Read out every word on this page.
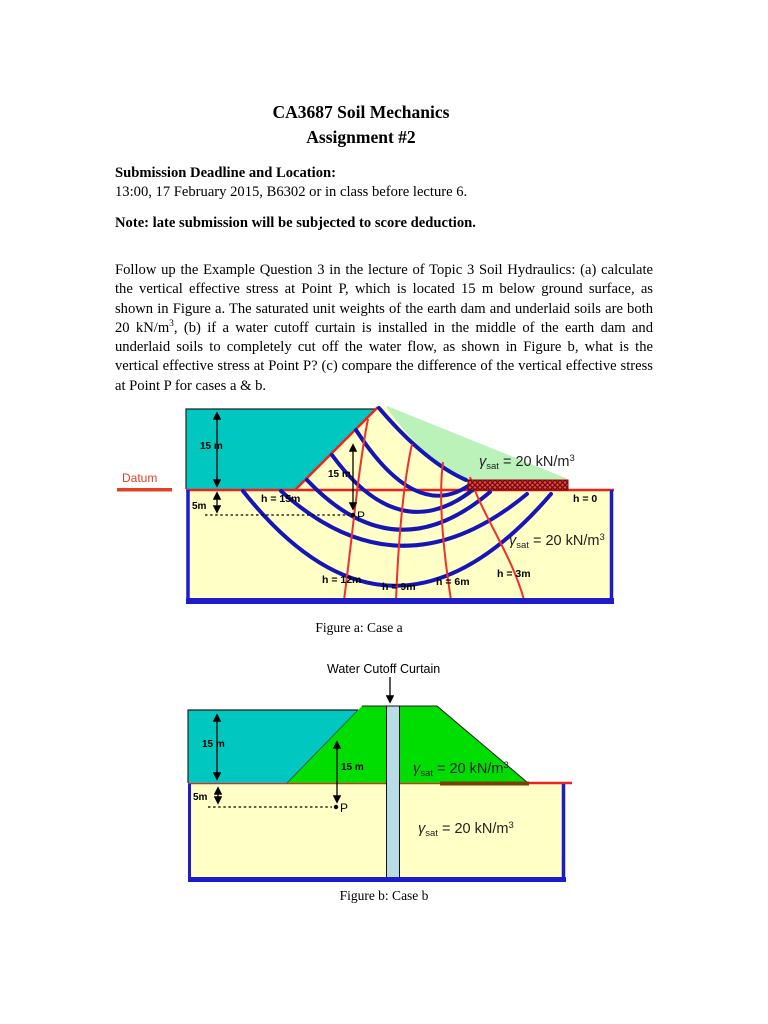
CA3687 Soil Mechanics
Assignment #2
Submission Deadline and Location:
13:00, 17 February 2015, B6302 or in class before lecture 6.
Note: late submission will be subjected to score deduction.
Follow up the Example Question 3 in the lecture of Topic 3 Soil Hydraulics: (a) calculate the vertical effective stress at Point P, which is located 15 m below ground surface, as shown in Figure a. The saturated unit weights of the earth dam and underlaid soils are both 20 $kN/m^3$, (b) if a water cutoff curtain is installed in the middle of the earth dam and underlaid soils to completely cut off the water flow, as shown in Figure b, what is the vertical effective stress at Point P? (c) compare the difference of the vertical effective stress at Point P for cases a & b.
15 m
5m
15 m
P
h = 15m	h = 0
h = 12m
h = 9m h = 6m
h = 3m
$\gamma_{sat} = 20$ $kN/m^3$
$\gamma_{sat} = 20$ $kN/m^3$
Datum
Figure a: Case a
Water Cutoff Curtain
15 m
5m
15 m
P
$\gamma_{sat} = 20$ $kN/m^3$
$\gamma_{sat} = 20$ $kN/m^3$
Figure b: Case b
